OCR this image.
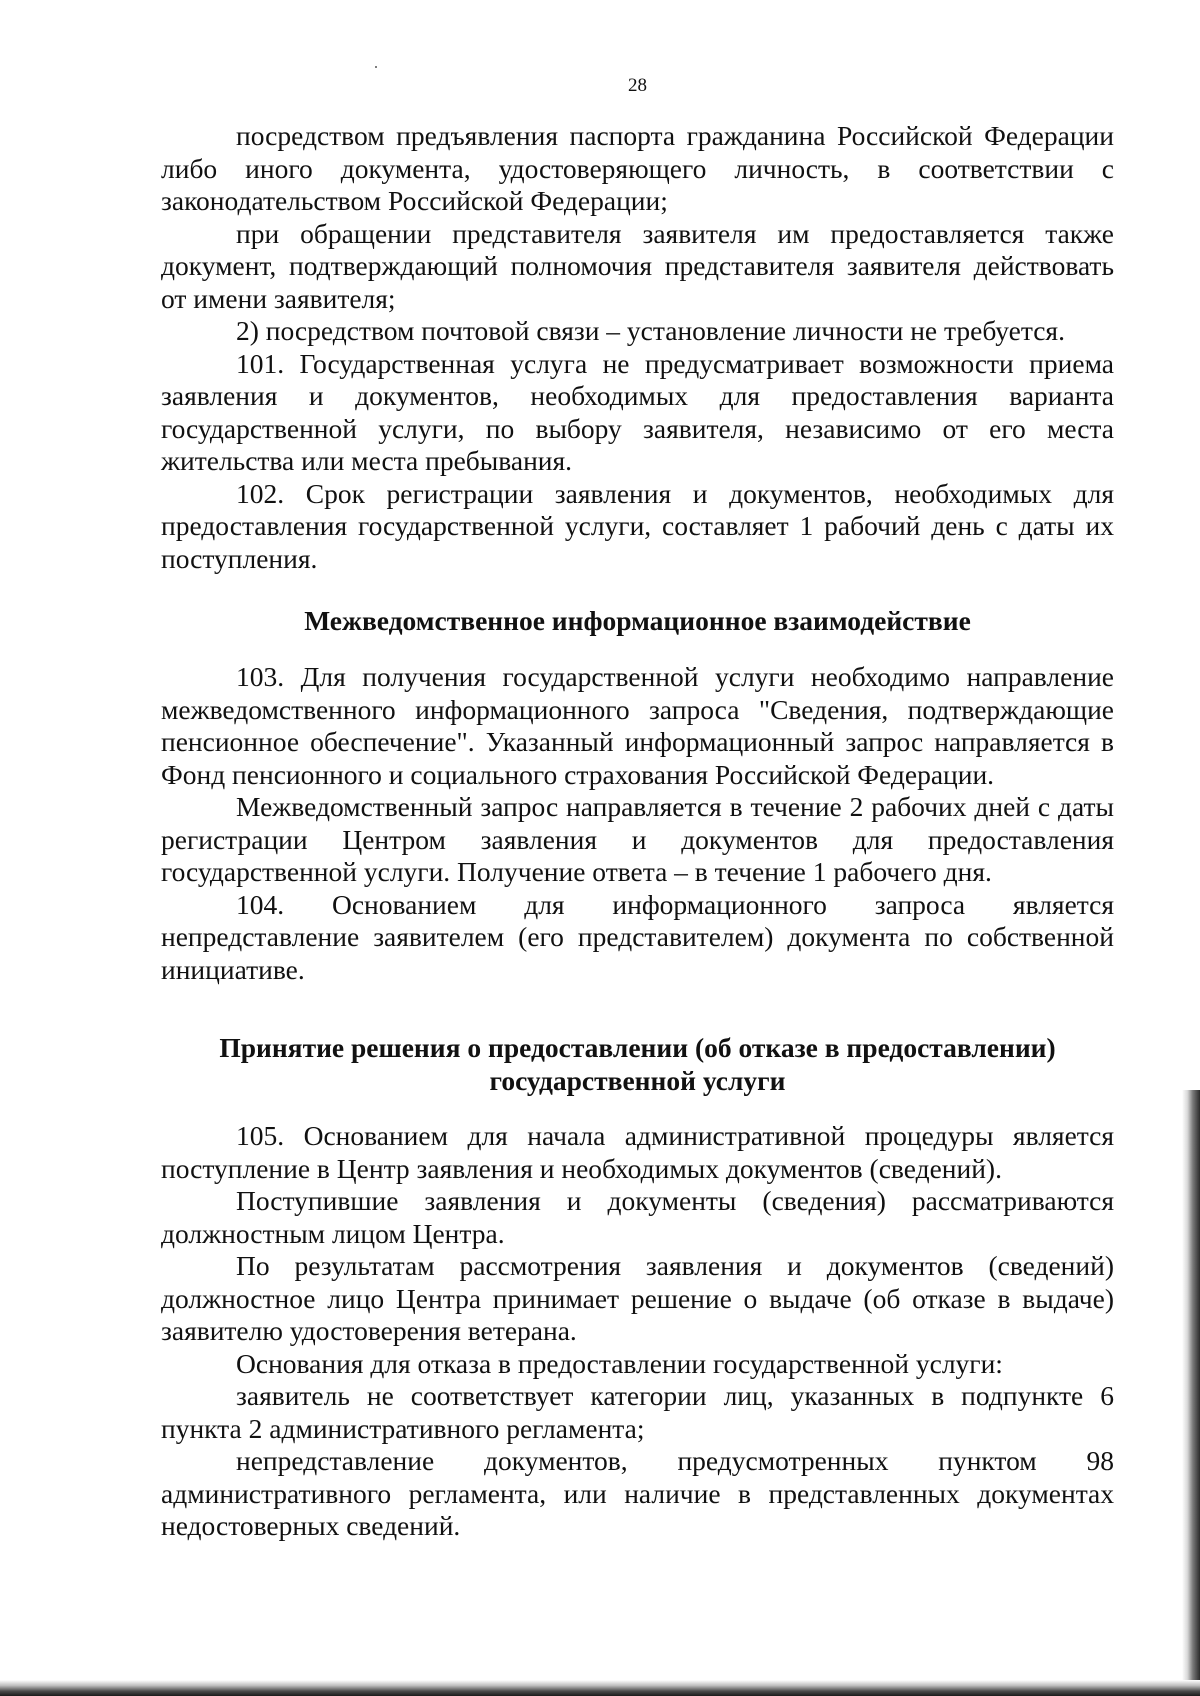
28

посредством предъявления паспорта гражданина Российской Федерации либо иного документа, удостоверяющего личность, в соответствии с законодательством Российской Федерации;

при обращении представителя заявителя им предоставляется также документ, подтверждающий полномочия представителя заявителя действовать от имени заявителя;

2) посредством почтовой связи – установление личности не требуется.

101. Государственная услуга не предусматривает возможности приема заявления и документов, необходимых для предоставления варианта государственной услуги, по выбору заявителя, независимо от его места жительства или места пребывания.

102. Срок регистрации заявления и документов, необходимых для предоставления государственной услуги, составляет 1 рабочий день с даты их поступления.

Межведомственное информационное взаимодействие

103. Для получения государственной услуги необходимо направление межведомственного информационного запроса "Сведения, подтверждающие пенсионное обеспечение". Указанный информационный запрос направляется в Фонд пенсионного и социального страхования Российской Федерации.

Межведомственный запрос направляется в течение 2 рабочих дней с даты регистрации Центром заявления и документов для предоставления государственной услуги. Получение ответа – в течение 1 рабочего дня.

104. Основанием для информационного запроса является непредставление заявителем (его представителем) документа по собственной инициативе.

Принятие решения о предоставлении (об отказе в предоставлении)
государственной услуги

105. Основанием для начала административной процедуры является поступление в Центр заявления и необходимых документов (сведений).

Поступившие заявления и документы (сведения) рассматриваются должностным лицом Центра.

По результатам рассмотрения заявления и документов (сведений) должностное лицо Центра принимает решение о выдаче (об отказе в выдаче) заявителю удостоверения ветерана.

Основания для отказа в предоставлении государственной услуги:

заявитель не соответствует категории лиц, указанных в подпункте 6 пункта 2 административного регламента;

непредставление документов, предусмотренных пунктом 98 административного регламента, или наличие в представленных документах недостоверных сведений.
